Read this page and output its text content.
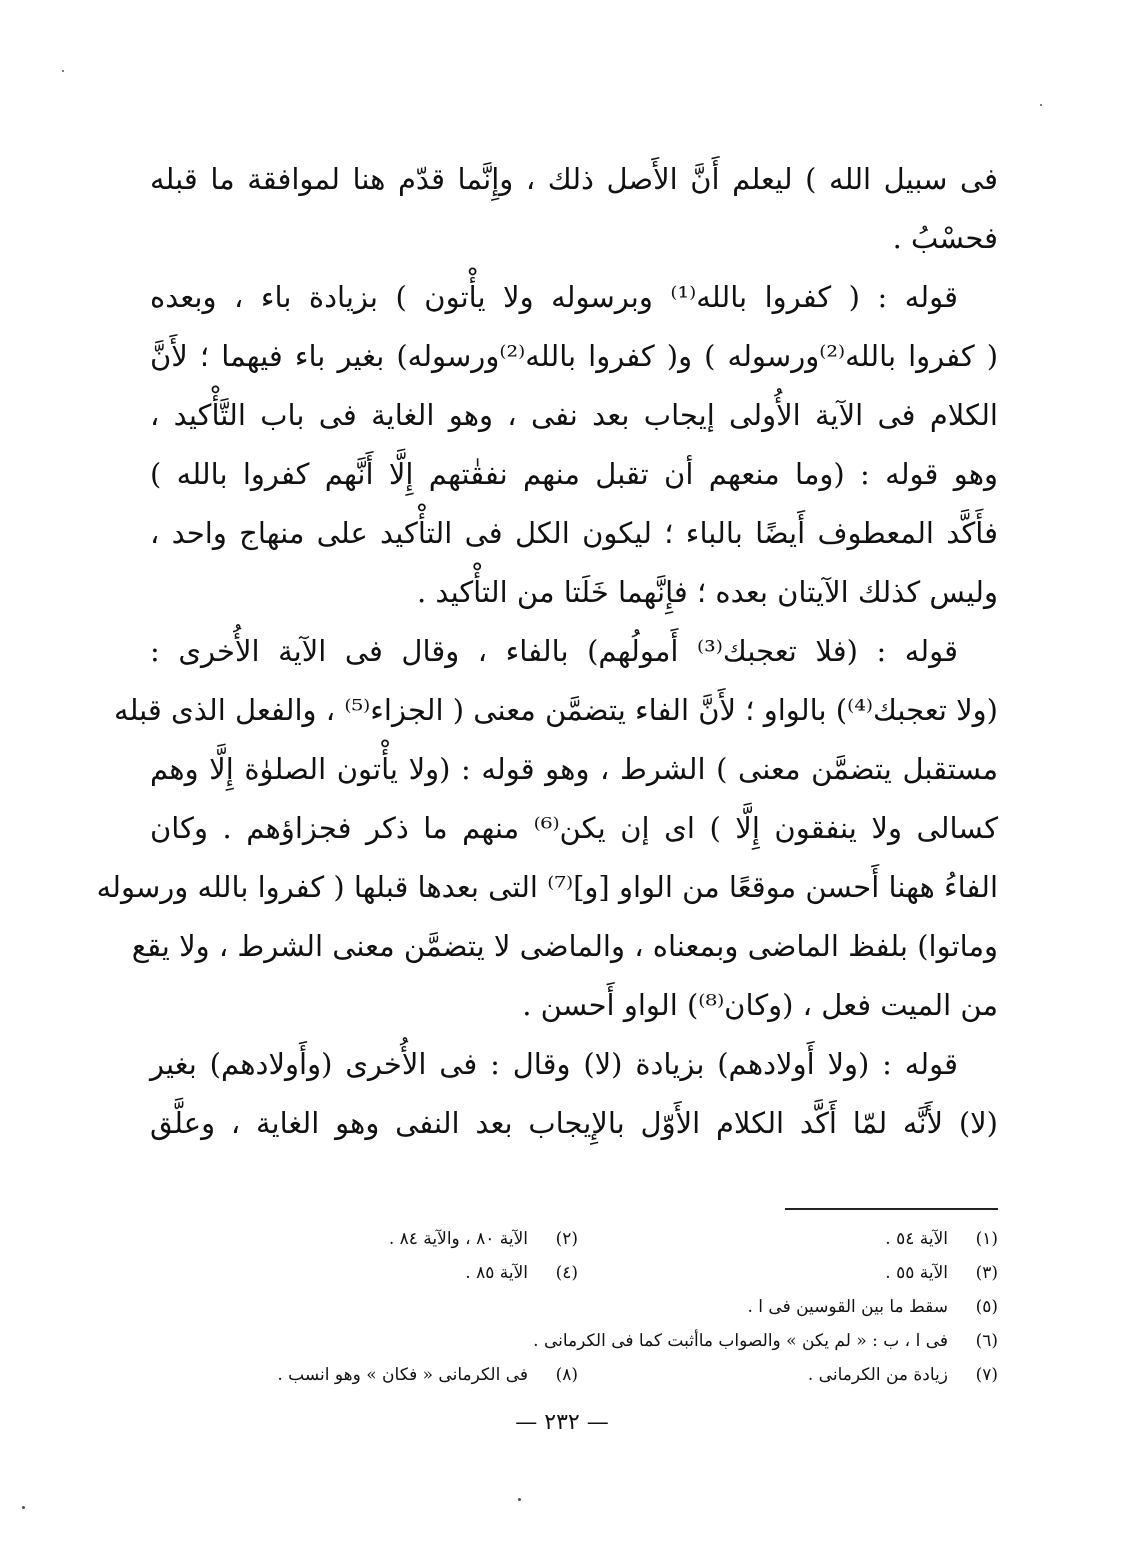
فى سبيل الله ) ليعلم أَنَّ الأَصل ذلك ، وإِنَّما قدّم هنا لموافقة ما قبله
فحسْبُ .
قوله : ( كفروا بالله⁽¹⁾ وبرسوله ولا يأْتون ) بزيادة باء ، وبعده
( كفروا بالله⁽²⁾ورسوله ) و( كفروا بالله⁽²⁾ورسوله) بغير باء فيهما ؛ لأَنَّ
الكلام فى الآية الأُولى إيجاب بعد نفى ، وهو الغاية فى باب التَّأْكيد ،
وهو قوله : (وما منعهم أن تقبل منهم نفقٰتهم إِلَّا أَنَّهم كفروا بالله )
فأَكَّد المعطوف أَيضًا بالباء ؛ ليكون الكل فى التأْكيد على منهاج واحد ،
وليس كذلك الآيتان بعده ؛ فإِنَّهما خَلَتا من التأْكيد .
قوله : (فلا تعجبك⁽³⁾ أَمولُهم) بالفاء ، وقال فى الآية الأُخرى :
(ولا تعجبك⁽⁴⁾) بالواو ؛ لأَنَّ الفاء يتضمَّن معنى ( الجزاء⁽⁵⁾ ، والفعل الذى قبله
مستقبل يتضمَّن معنى ) الشرط ، وهو قوله : (ولا يأْتون الصلوٰة إِلَّا وهم
كسالى ولا ينفقون إِلَّا ) اى إن يكن⁽⁶⁾ منهم ما ذكر فجزاؤهم . وكان
الفاءُ ههنا أَحسن موقعًا من الواو [و]⁽⁷⁾ التى بعدها قبلها ( كفروا بالله ورسوله
وماتوا) بلفظ الماضى وبمعناه ، والماضى لا يتضمَّن معنى الشرط ، ولا يقع
من الميت فعل ، (وكان⁽⁸⁾) الواو أَحسن .
قوله : (ولا أَولادهم) بزيادة (لا) وقال : فى الأُخرى (وأَولادهم) بغير
(لا) لأَنَّه لمّا أَكَّد الكلام الأَوّل بالإِيجاب بعد النفى وهو الغاية ، وعلَّق
(١)
الآية ٥٤ .
(٢)
الآية ٨٠ ، والآية ٨٤ .
(٣)
الآية ٥٥ .
(٤)
الآية ٨٥ .
(٥)
سقط ما بين القوسين فى ا .
(٦)
فى ا ، ب : « لم يكن » والصواب ماأثبت كما فى الكرمانى .
(٧)
زيادة من الكرمانى .
(٨)
فى الكرمانى « فكان » وهو انسب .
— ٢٣٢ —
